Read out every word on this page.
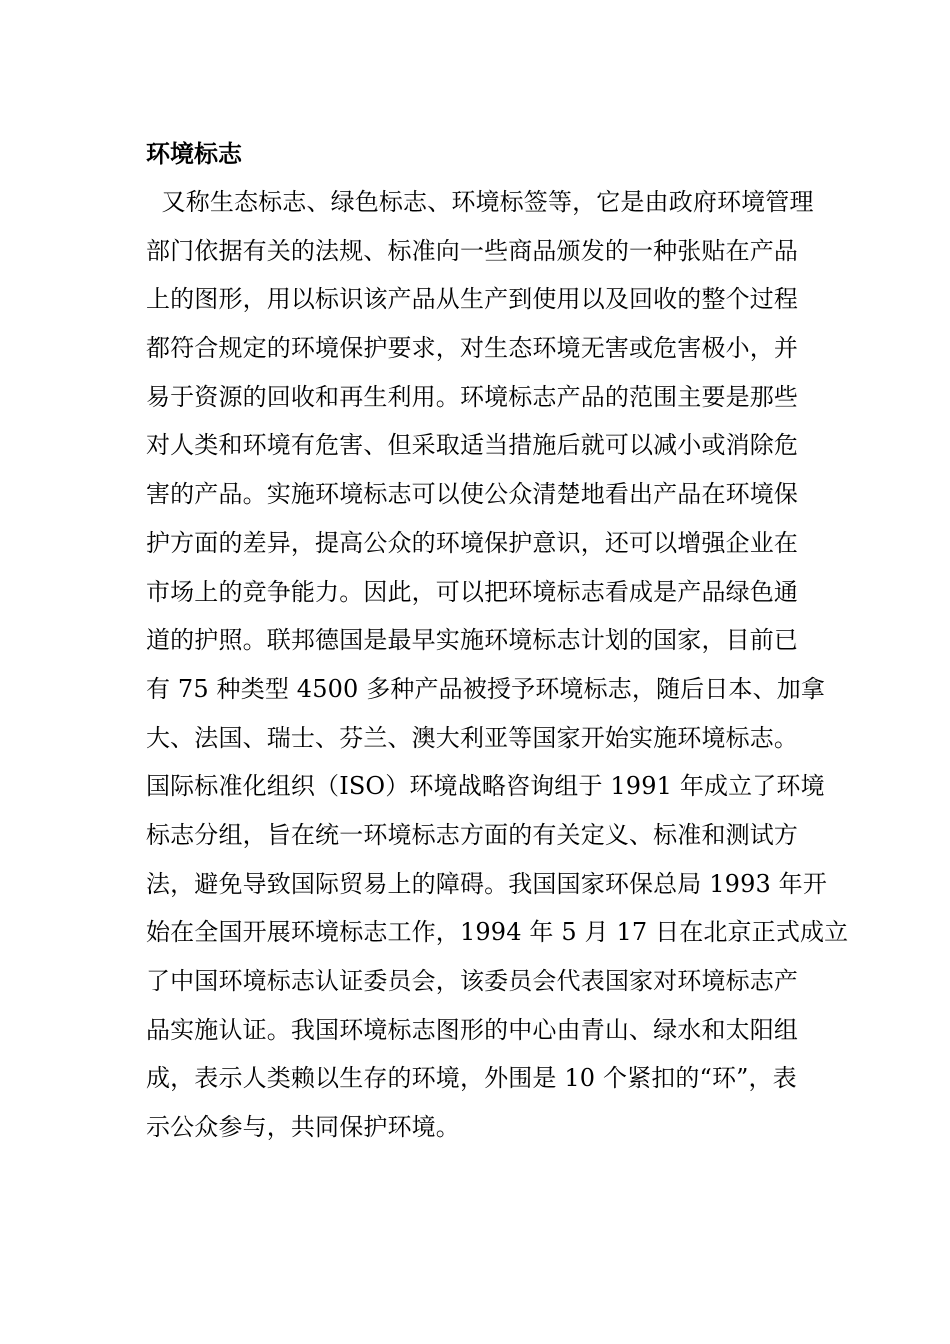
环境标志
又称生态标志、绿色标志、环境标签等，它是由政府环境管理
部门依据有关的法规、标准向一些商品颁发的一种张贴在产品
上的图形，用以标识该产品从生产到使用以及回收的整个过程
都符合规定的环境保护要求，对生态环境无害或危害极小，并
易于资源的回收和再生利用。环境标志产品的范围主要是那些
对人类和环境有危害、但采取适当措施后就可以减小或消除危
害的产品。实施环境标志可以使公众清楚地看出产品在环境保
护方面的差异，提高公众的环境保护意识，还可以增强企业在
市场上的竞争能力。因此，可以把环境标志看成是产品绿色通
道的护照。联邦德国是最早实施环境标志计划的国家，目前已
有 75 种类型 4500 多种产品被授予环境标志，随后日本、加拿
大、法国、瑞士、芬兰、澳大利亚等国家开始实施环境标志。
国际标准化组织（ISO）环境战略咨询组于 1991 年成立了环境
标志分组，旨在统一环境标志方面的有关定义、标准和测试方
法，避免导致国际贸易上的障碍。我国国家环保总局 1993 年开
始在全国开展环境标志工作，1994 年 5 月 17 日在北京正式成立
了中国环境标志认证委员会，该委员会代表国家对环境标志产
品实施认证。我国环境标志图形的中心由青山、绿水和太阳组
成，表示人类赖以生存的环境，外围是 10 个紧扣的“环”，表
示公众参与，共同保护环境。
